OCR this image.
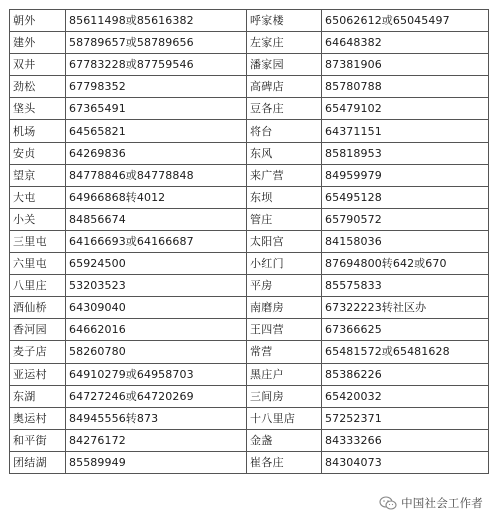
朝外	85611498或85616382	呼家楼	65062612或65045497
建外	58789657或58789656	左家庄	64648382
双井	67783228或87759546	潘家园	87381906
劲松	67798352	高碑店	85780788
垡头	67365491	豆各庄	65479102
机场	64565821	将台	64371151
安贞	64269836	东风	85818953
望京	84778846或84778848	来广营	84959979
大屯	64966868转4012	东坝	65495128
小关	84856674	管庄	65790572
三里屯	64166693或64166687	太阳宫	84158036
六里屯	65924500	小红门	87694800转642或670
八里庄	53203523	平房	85575833
酒仙桥	64309040	南磨房	67322223转社区办
香河园	64662016	王四营	67366625
麦子店	58260780	常营	65481572或65481628
亚运村	64910279或64958703	黑庄户	85386226
东湖	64727246或64720269	三间房	65420032
奥运村	84945556转873	十八里店	57252371
和平街	84276172	金盏	84333266
团结湖	85589949	崔各庄	84304073
中国社会工作者
